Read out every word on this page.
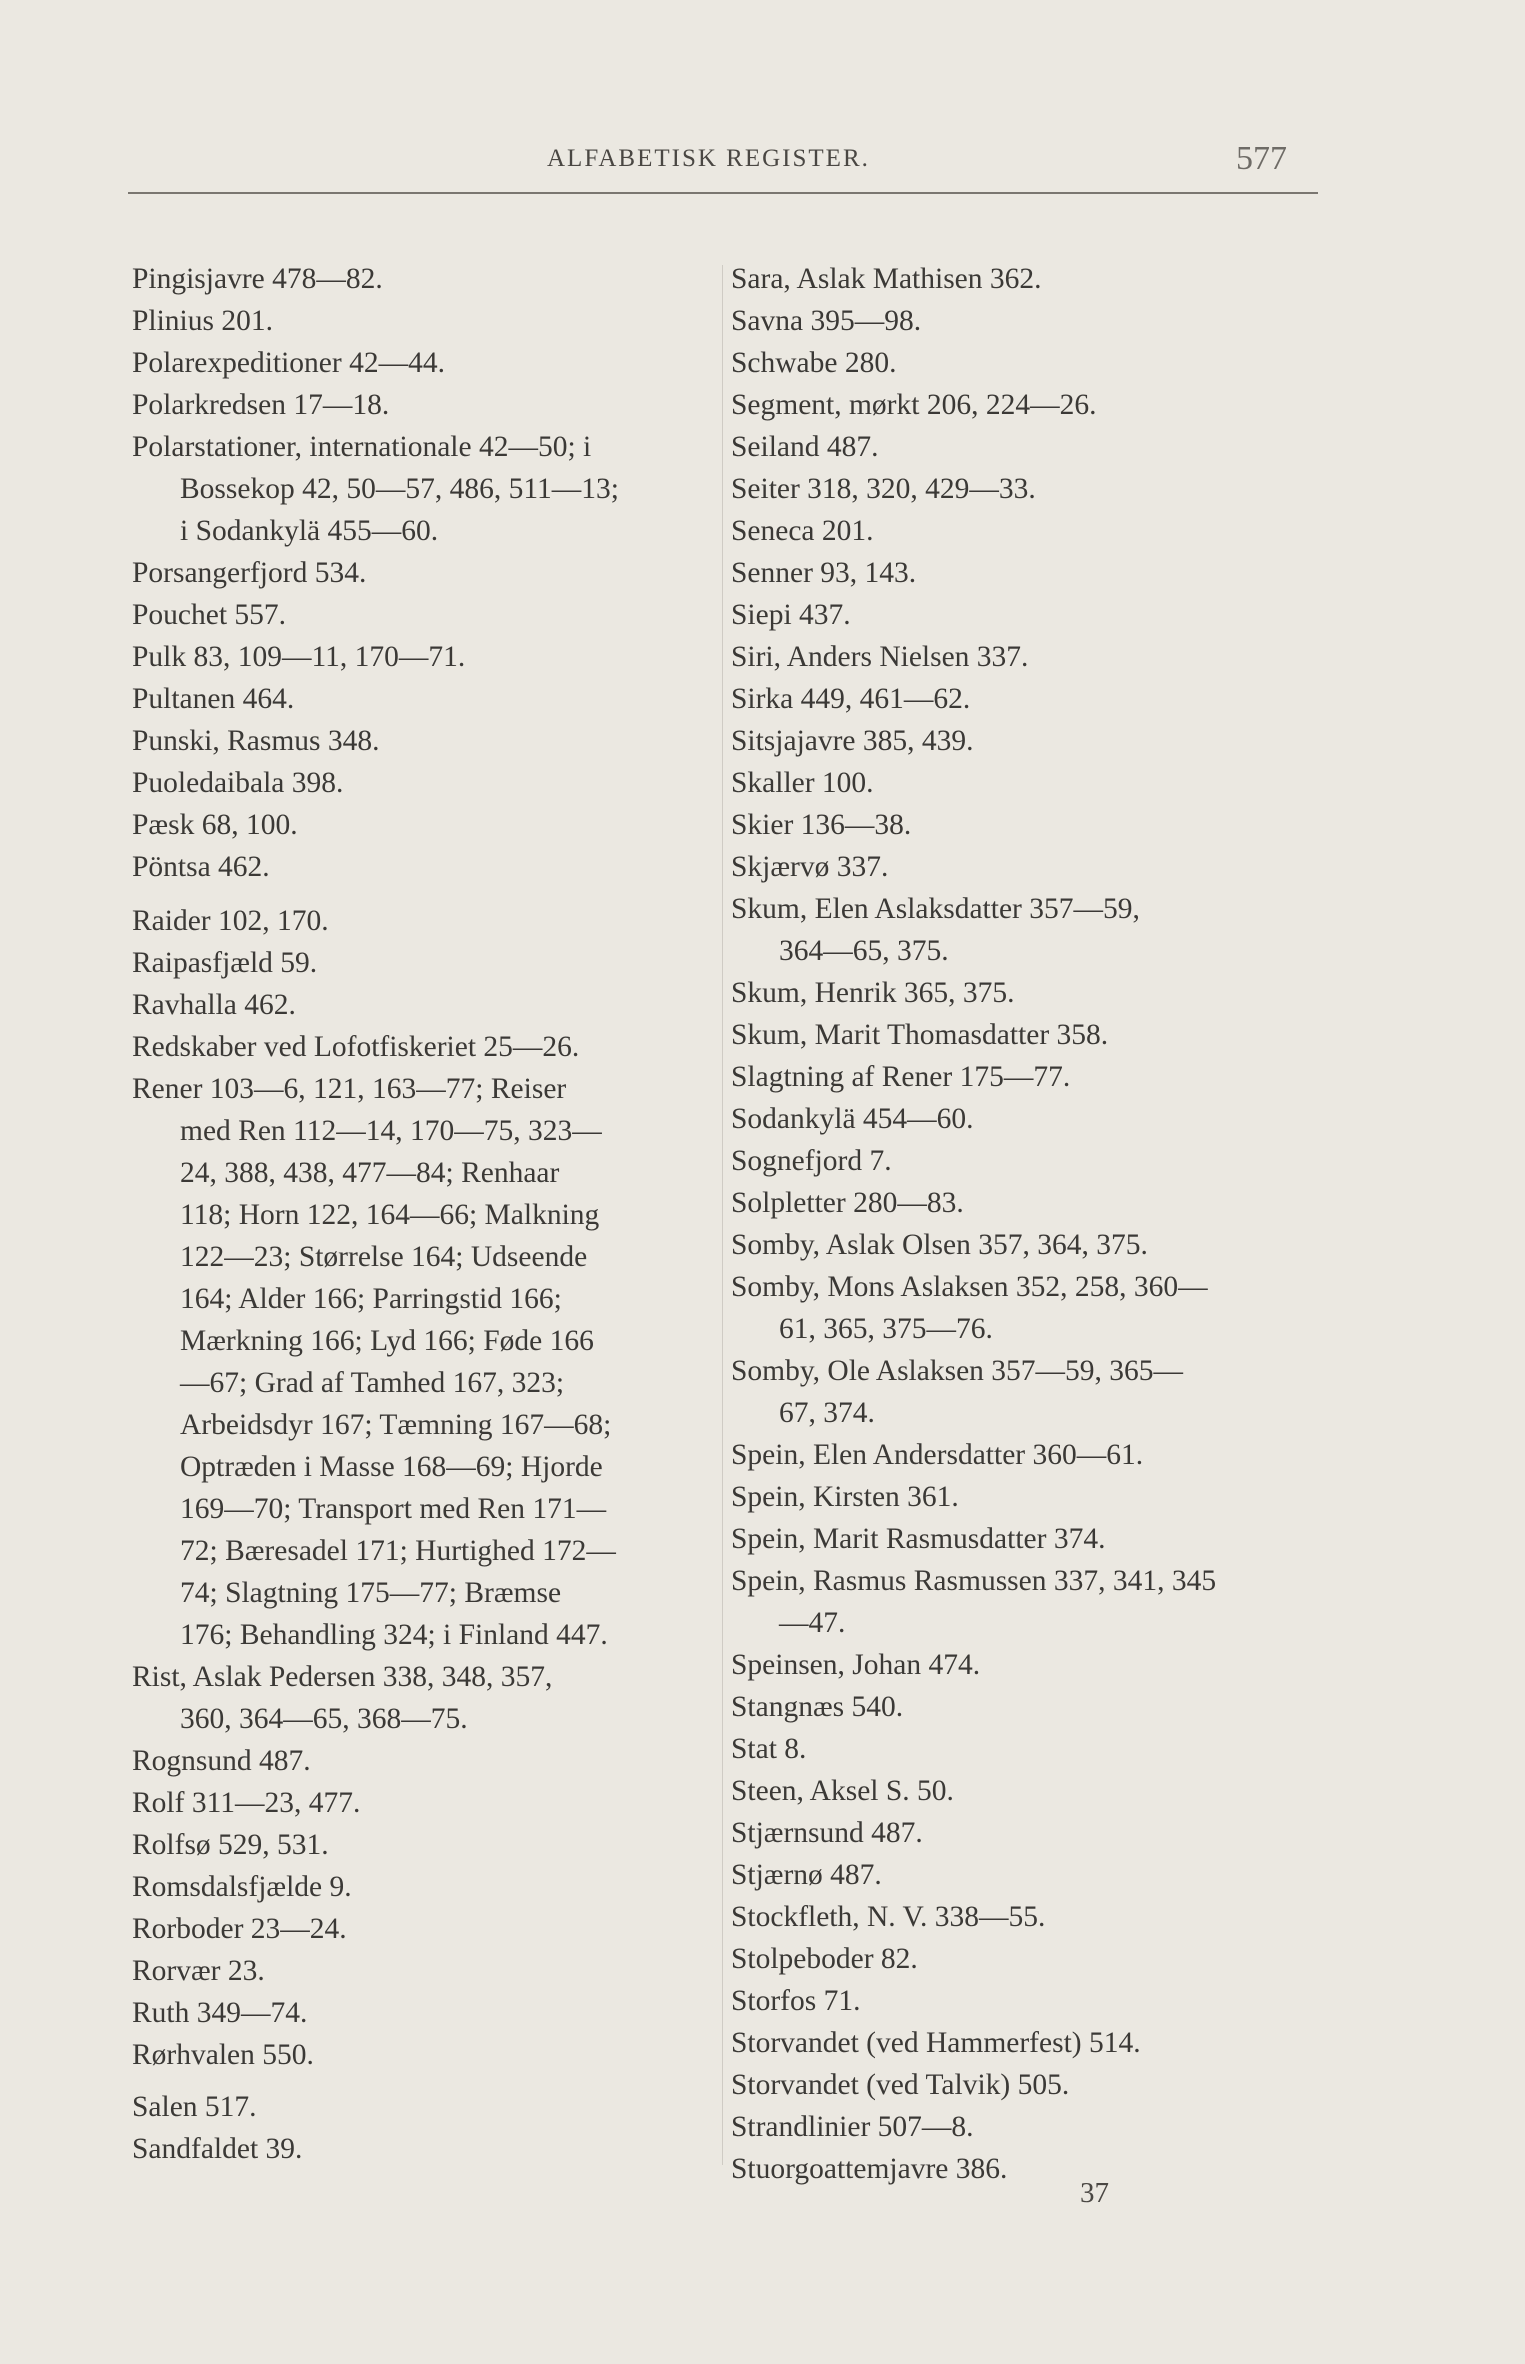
ALFABETISK REGISTER.	577
Pingisjavre 478—82.
Plinius 201.
Polarexpeditioner 42—44.
Polarkredsen 17—18.
Polarstationer, internationale 42—50; i
Bossekop 42, 50—57, 486, 511—13;
i Sodankylä 455—60.
Porsangerfjord 534.
Pouchet 557.
Pulk 83, 109—11, 170—71.
Pultanen 464.
Punski, Rasmus 348.
Puoledaibala 398.
Pæsk 68, 100.
Pöntsa 462.
Raider 102, 170.
Raipasfjæld 59.
Ravhalla 462.
Redskaber ved Lofotfiskeriet 25—26.
Rener 103—6, 121, 163—77; Reiser
med Ren 112—14, 170—75, 323—
24, 388, 438, 477—84; Renhaar
118; Horn 122, 164—66; Malkning
122—23; Størrelse 164; Udseende
164; Alder 166; Parringstid 166;
Mærkning 166; Lyd 166; Føde 166
—67; Grad af Tamhed 167, 323;
Arbeidsdyr 167; Tæmning 167—68;
Optræden i Masse 168—69; Hjorde
169—70; Transport med Ren 171—
72; Bæresadel 171; Hurtighed 172—
74; Slagtning 175—77; Bræmse
176; Behandling 324; i Finland 447.
Rist, Aslak Pedersen 338, 348, 357,
360, 364—65, 368—75.
Rognsund 487.
Rolf 311—23, 477.
Rolfsø 529, 531.
Romsdalsfjælde 9.
Rorboder 23—24.
Rorvær 23.
Ruth 349—74.
Rørhvalen 550.
Salen 517.
Sandfaldet 39.
Sara, Aslak Mathisen 362.
Savna 395—98.
Schwabe 280.
Segment, mørkt 206, 224—26.
Seiland 487.
Seiter 318, 320, 429—33.
Seneca 201.
Senner 93, 143.
Siepi 437.
Siri, Anders Nielsen 337.
Sirka 449, 461—62.
Sitsjajavre 385, 439.
Skaller 100.
Skier 136—38.
Skjærvø 337.
Skum, Elen Aslaksdatter 357—59,
364—65, 375.
Skum, Henrik 365, 375.
Skum, Marit Thomasdatter 358.
Slagtning af Rener 175—77.
Sodankylä 454—60.
Sognefjord 7.
Solpletter 280—83.
Somby, Aslak Olsen 357, 364, 375.
Somby, Mons Aslaksen 352, 258, 360—
61, 365, 375—76.
Somby, Ole Aslaksen 357—59, 365—
67, 374.
Spein, Elen Andersdatter 360—61.
Spein, Kirsten 361.
Spein, Marit Rasmusdatter 374.
Spein, Rasmus Rasmussen 337, 341, 345
—47.
Speinsen, Johan 474.
Stangnæs 540.
Stat 8.
Steen, Aksel S. 50.
Stjærnsund 487.
Stjærnø 487.
Stockfleth, N. V. 338—55.
Stolpeboder 82.
Storfos 71.
Storvandet (ved Hammerfest) 514.
Storvandet (ved Talvik) 505.
Strandlinier 507—8.
Stuorgoattemjavre 386.
37
